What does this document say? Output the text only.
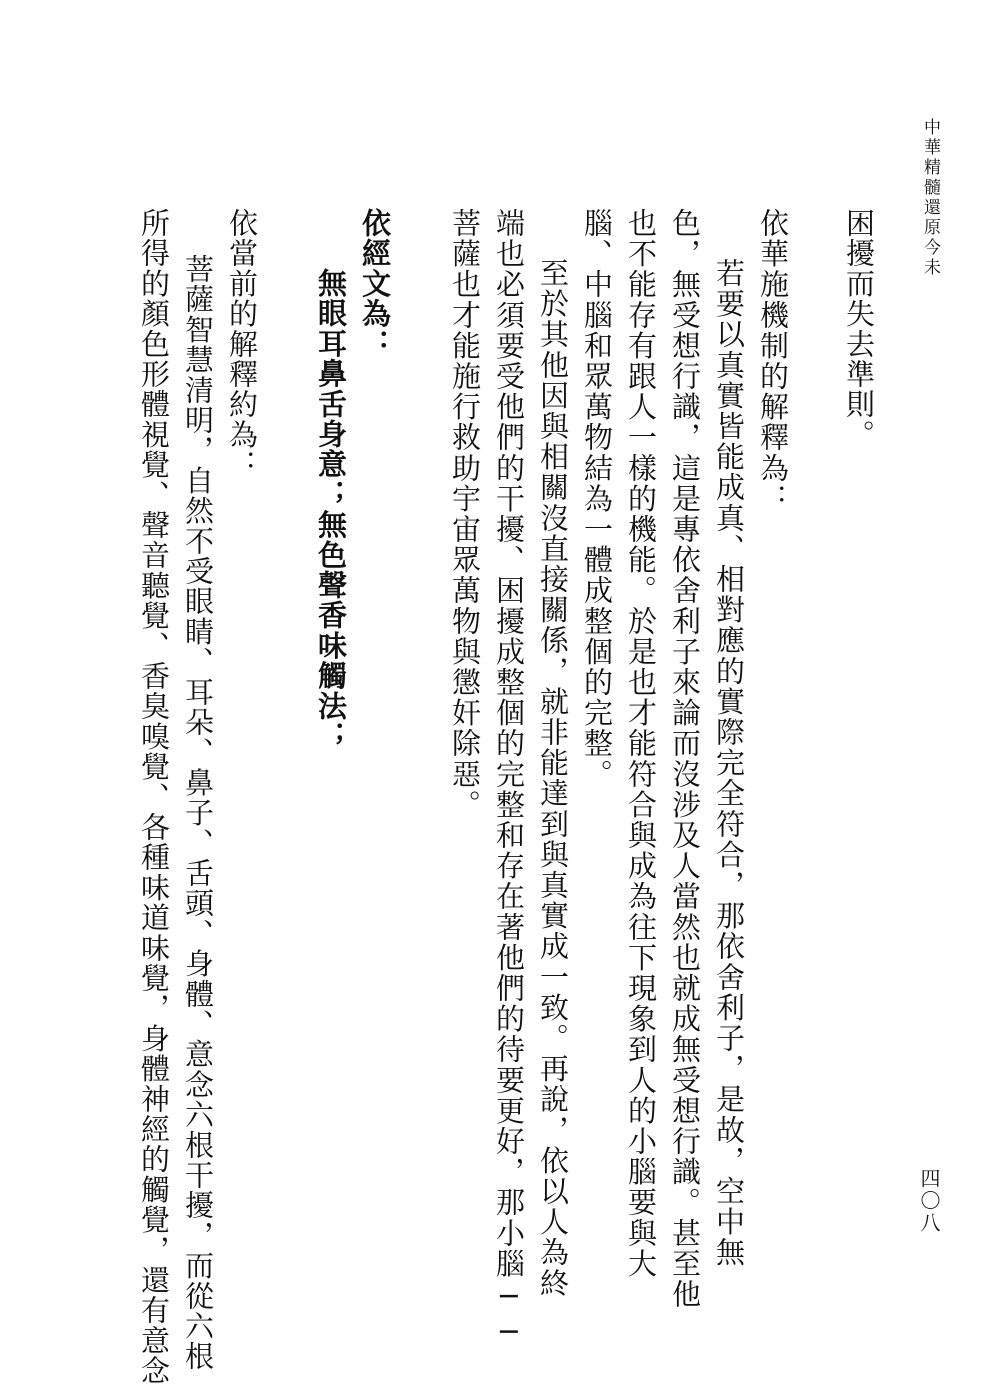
中華精髓還原今未
四〇八
困擾而失去準則。
依華施機制的解釋為：
若要以真實皆能成真、相對應的實際完全符合，那依舍利子，是故，空中無
色，無受想行識，這是專依舍利子來論而沒涉及人當然也就成無受想行識。甚至他
也不能存有跟人一樣的機能。於是也才能符合與成為往下現象到人的小腦要與大
腦、中腦和眾萬物結為一體成整個的完整。
至於其他因與相關沒直接關係，就非能達到與真實成一致。再說，依以人為終
端也必須要受他們的干擾、困擾成整個的完整和存在著他們的待要更好，那小腦──
菩薩也才能施行救助宇宙眾萬物與懲奸除惡。
依經文為：
無眼耳鼻舌身意；無色聲香味觸法；
依當前的解釋約為：
菩薩智慧清明，自然不受眼睛、耳朵、鼻子、舌頭、身體、意念六根干擾，而從六根
所得的顏色形體視覺、聲音聽覺、香臭嗅覺、各種味道味覺，身體神經的觸覺，還有意念
